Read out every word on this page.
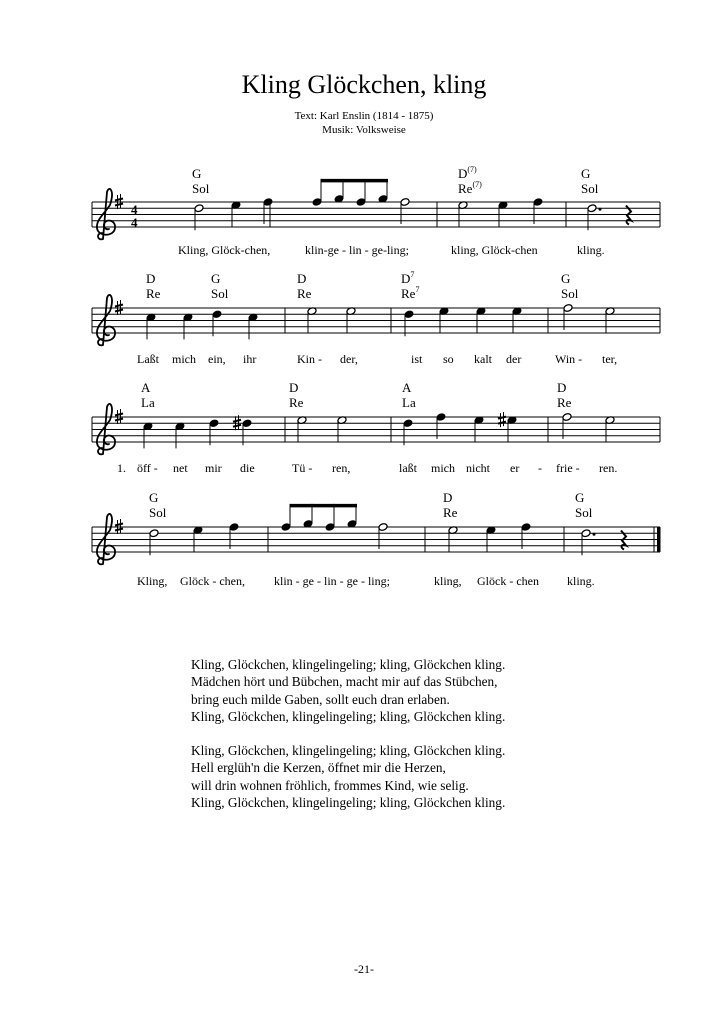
Kling Glöckchen, kling
Text: Karl Enslin (1814 - 1875)
Musik: Volksweise
4
4
G
Sol
$D^{(7)}$
Re$^{(7)}$
G
Sol
Kling, Glöck-chen,	klin-ge - lin - ge-ling;	kling, Glöck-chen	kling.
D
Re
G
Sol
D
Re
$D^7$
Re$^7$
G
Sol
Laßt mich ein, ihr	Kin - der,	ist so kalt der	Win - ter,
A
La
D
Re
A
La
D
Re
1. öff - net mir die	Tü - ren,	laßt mich nicht er - frie - ren.
G
Sol
D
Re
G
Sol
Kling, Glöck - chen, klin - ge - lin - ge - ling;	kling, Glöck - chen kling.
Kling, Glöckchen, klingelingeling; kling, Glöckchen kling.
Mädchen hört und Bübchen, macht mir auf das Stübchen,
bring euch milde Gaben, sollt euch dran erlaben.
Kling, Glöckchen, klingelingeling; kling, Glöckchen kling.
Kling, Glöckchen, klingelingeling; kling, Glöckchen kling.
Hell erglüh'n die Kerzen, öffnet mir die Herzen,
will drin wohnen fröhlich, frommes Kind, wie selig.
Kling, Glöckchen, klingelingeling; kling, Glöckchen kling.
-21-
